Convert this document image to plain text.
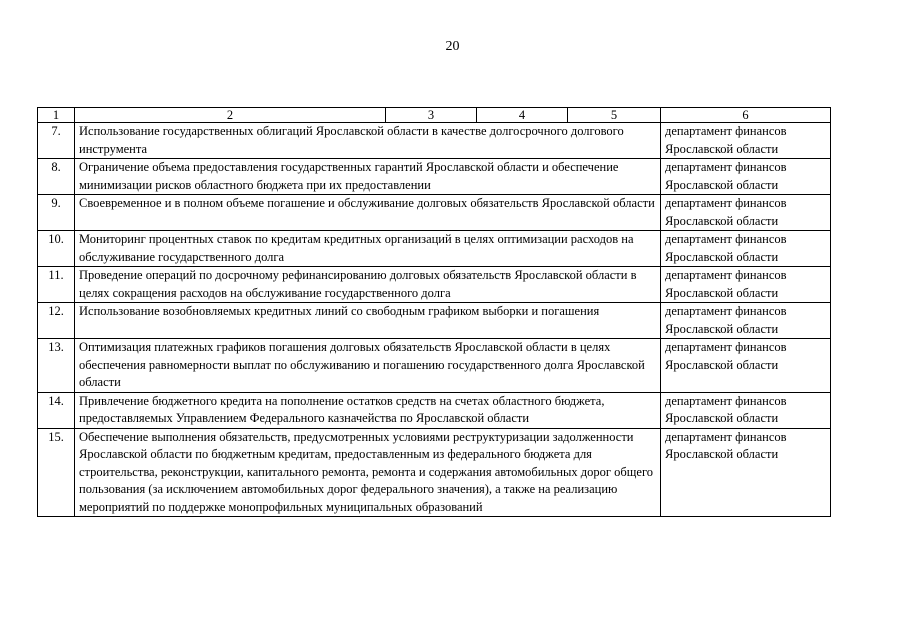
20
1	2	3	4	5	6
7.	Использование государственных облигаций Ярославской области в качестве долгосрочного долгового инструмента				департамент финансов Ярославской области
8.	Ограничение объема предоставления государственных гарантий Ярославской области и обеспечение минимизации рисков областного бюджета при их предоставлении				департамент финансов Ярославской области
9.	Своевременное и в полном объеме погашение и обслуживание долговых обязательств Ярославской области				департамент финансов Ярославской области
10.	Мониторинг процентных ставок по кредитам кредитных организаций в целях оптимизации расходов на обслуживание государственного долга				департамент финансов Ярославской области
11.	Проведение операций по досрочному рефинансированию долговых обязательств Ярославской области в целях сокращения расходов на обслуживание государственного долга				департамент финансов Ярославской области
12.	Использование возобновляемых кредитных линий со свободным графиком выборки и погашения				департамент финансов Ярославской области
13.	Оптимизация платежных графиков погашения долговых обязательств Ярославской области в целях обеспечения равномерности выплат по обслуживанию и погашению государственного долга Ярославской области				департамент финансов Ярославской области
14.	Привлечение бюджетного кредита на пополнение остатков средств на счетах областного бюджета, предоставляемых Управлением Федерального казначейства по Ярославской области				департамент финансов Ярославской области
15.	Обеспечение выполнения обязательств, предусмотренных условиями реструктуризации задолженности Ярославской области по бюджетным кредитам, предоставленным из федерального бюджета для строительства, реконструкции, капитального ремонта, ремонта и содержания автомобильных дорог общего пользования (за исключением автомобильных дорог федерального значения), а также на реализацию мероприятий по поддержке монопрофильных муниципальных образований				департамент финансов Ярославской области
